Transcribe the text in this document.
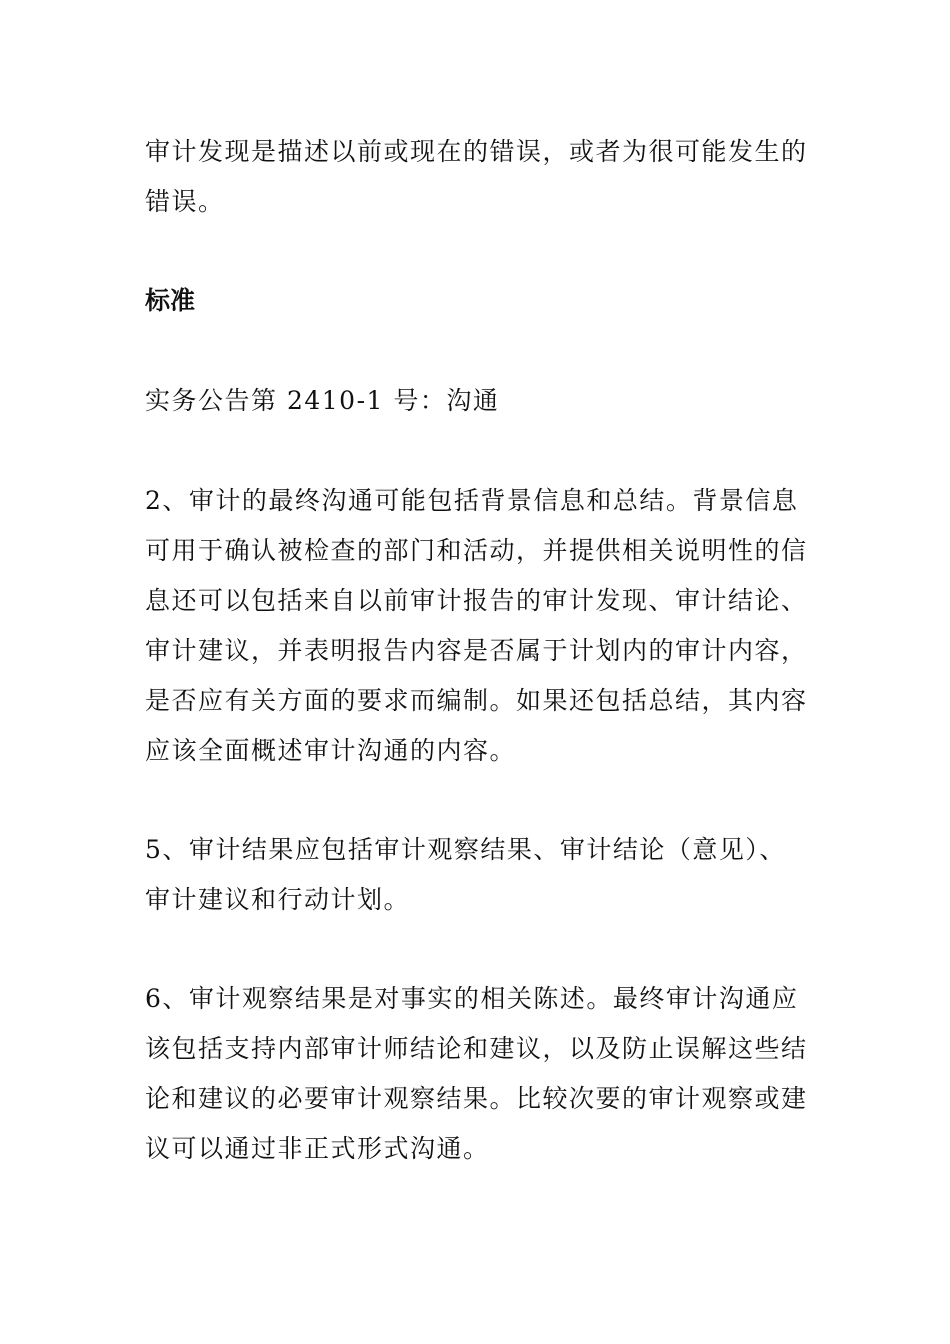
审计发现是描述以前或现在的错误，或者为很可能发生的错误。
标准
实务公告第 2410-1 号：沟通
2、审计的最终沟通可能包括背景信息和总结。背景信息可用于确认被检查的部门和活动，并提供相关说明性的信息还可以包括来自以前审计报告的审计发现、审计结论、审计建议，并表明报告内容是否属于计划内的审计内容，是否应有关方面的要求而编制。如果还包括总结，其内容应该全面概述审计沟通的内容。
5、审计结果应包括审计观察结果、审计结论（意见）、审计建议和行动计划。
6、审计观察结果是对事实的相关陈述。最终审计沟通应该包括支持内部审计师结论和建议，以及防止误解这些结论和建议的必要审计观察结果。比较次要的审计观察或建议可以通过非正式形式沟通。
